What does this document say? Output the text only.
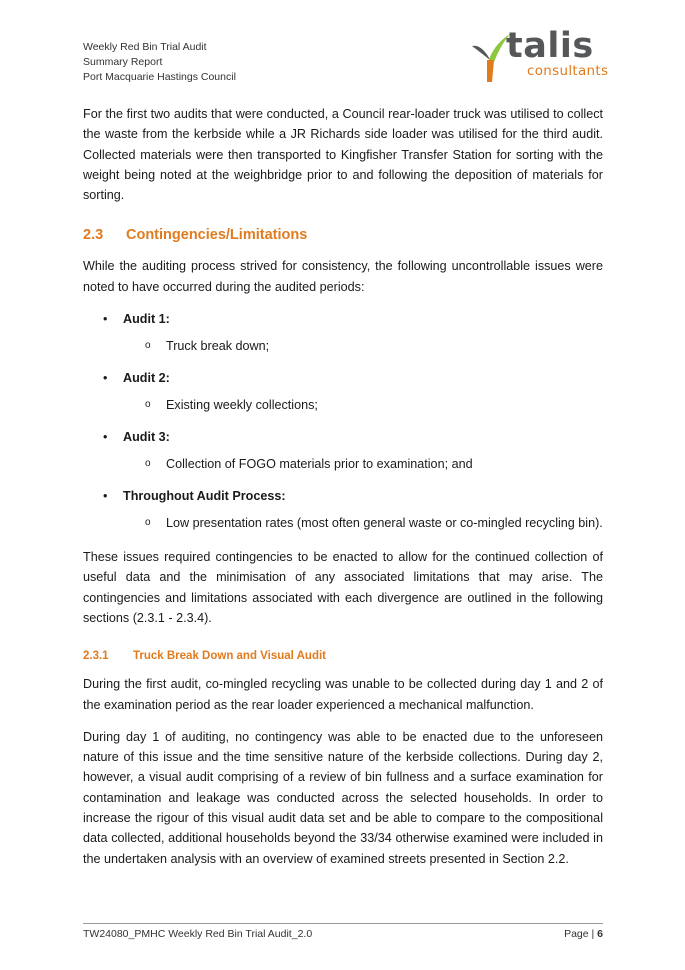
Weekly Red Bin Trial Audit
Summary Report
Port Macquarie Hastings Council
talis
consultants

For the first two audits that were conducted, a Council rear-loader truck was utilised to collect the waste from the kerbside while a JR Richards side loader was utilised for the third audit. Collected materials were then transported to Kingfisher Transfer Station for sorting with the weight being noted at the weighbridge prior to and following the deposition of materials for sorting.

2.3 Contingencies/Limitations

While the auditing process strived for consistency, the following uncontrollable issues were noted to have occurred during the audited periods:

• Audit 1:
o Truck break down;
• Audit 2:
o Existing weekly collections;
• Audit 3:
o Collection of FOGO materials prior to examination; and
• Throughout Audit Process:
o Low presentation rates (most often general waste or co-mingled recycling bin).

These issues required contingencies to be enacted to allow for the continued collection of useful data and the minimisation of any associated limitations that may arise. The contingencies and limitations associated with each divergence are outlined in the following sections (2.3.1 - 2.3.4).

2.3.1 Truck Break Down and Visual Audit

During the first audit, co-mingled recycling was unable to be collected during day 1 and 2 of the examination period as the rear loader experienced a mechanical malfunction.

During day 1 of auditing, no contingency was able to be enacted due to the unforeseen nature of this issue and the time sensitive nature of the kerbside collections. During day 2, however, a visual audit comprising of a review of bin fullness and a surface examination for contamination and leakage was conducted across the selected households. In order to increase the rigour of this visual audit data set and be able to compare to the compositional data collected, additional households beyond the 33/34 otherwise examined were included in the undertaken analysis with an overview of examined streets presented in Section 2.2.

TW24080_PMHC Weekly Red Bin Trial Audit_2.0	Page | 6
